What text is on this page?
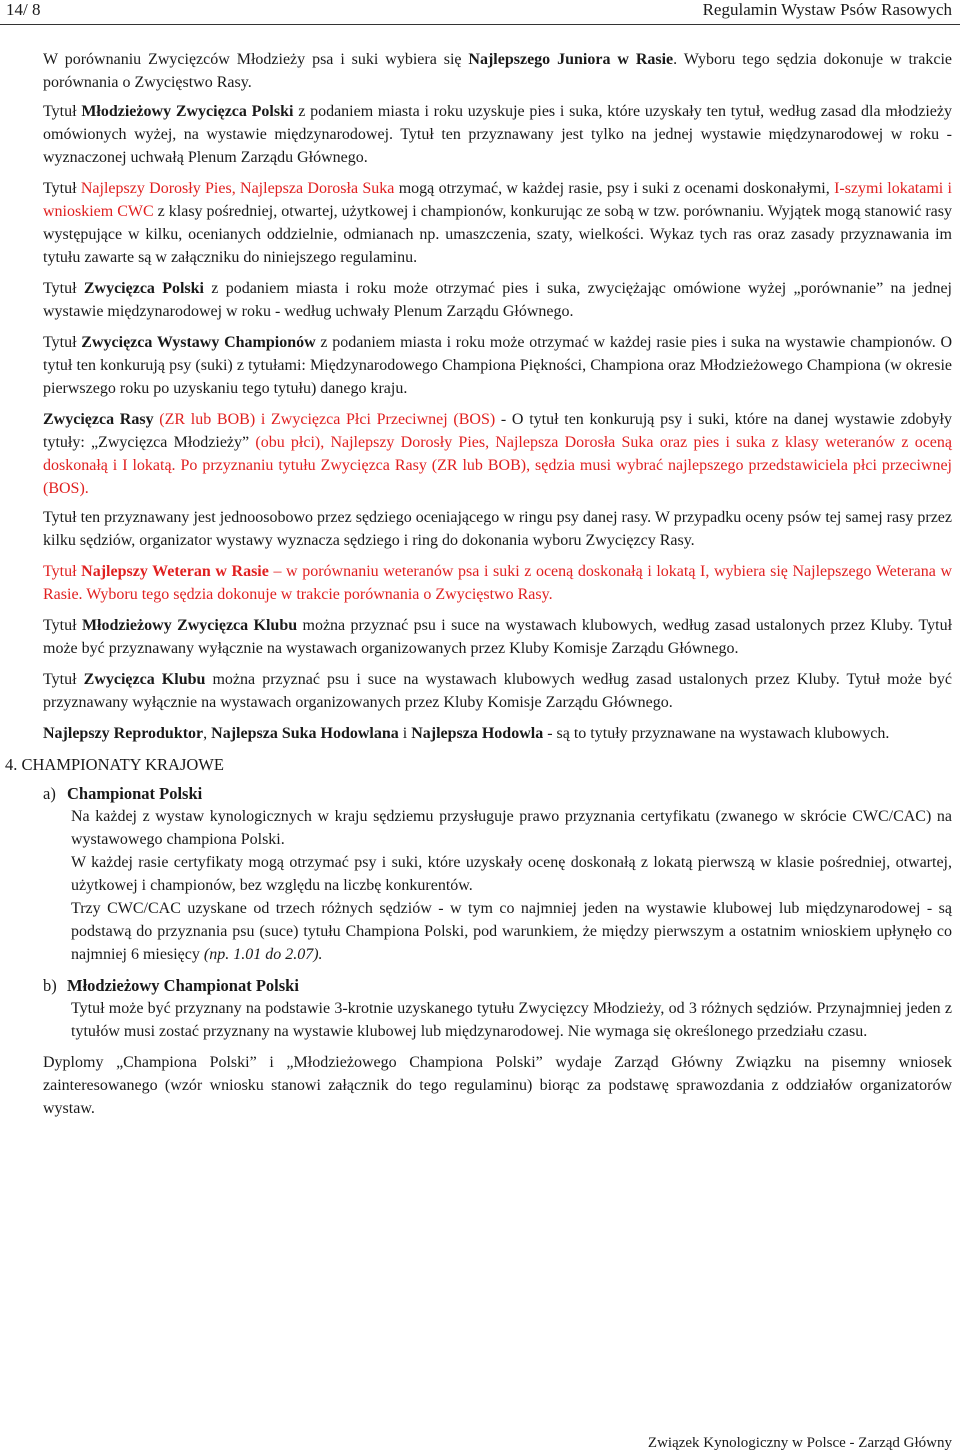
14/ 8	Regulamin Wystaw Psów Rasowych

W porównaniu Zwycięzców Młodzieży psa i suki wybiera się Najlepszego Juniora w Rasie. Wyboru tego sędzia dokonuje w trakcie porównania o Zwycięstwo Rasy.

Tytuł Młodzieżowy Zwycięzca Polski z podaniem miasta i roku uzyskuje pies i suka, które uzyskały ten tytuł, według zasad dla młodzieży omówionych wyżej, na wystawie międzynarodowej. Tytuł ten przyznawany jest tylko na jednej wystawie międzynarodowej w roku - wyznaczonej uchwałą Plenum Zarządu Głównego.

Tytuł Najlepszy Dorosły Pies, Najlepsza Dorosła Suka mogą otrzymać, w każdej rasie, psy i suki z ocenami doskonałymi, I-szymi lokatami i wnioskiem CWC z klasy pośredniej, otwartej, użytkowej i championów, konkurując ze sobą w tzw. porównaniu. Wyjątek mogą stanowić rasy występujące w kilku, ocenianych oddzielnie, odmianach np. umaszczenia, szaty, wielkości. Wykaz tych ras oraz zasady przyznawania im tytułu zawarte są w załączniku do niniejszego regulaminu.

Tytuł Zwycięzca Polski z podaniem miasta i roku może otrzymać pies i suka, zwyciężając omówione wyżej „porównanie” na jednej wystawie międzynarodowej w roku - według uchwały Plenum Zarządu Głównego.

Tytuł Zwycięzca Wystawy Championów z podaniem miasta i roku może otrzymać w każdej rasie pies i suka na wystawie championów. O tytuł ten konkurują psy (suki) z tytułami: Międzynarodowego Championa Piękności, Championa oraz Młodzieżowego Championa (w okresie pierwszego roku po uzyskaniu tego tytułu) danego kraju.

Zwycięzca Rasy (ZR lub BOB) i Zwycięzca Płci Przeciwnej (BOS) - O tytuł ten konkurują psy i suki, które na danej wystawie zdobyły tytuły: „Zwycięzca Młodzieży” (obu płci), Najlepszy Dorosły Pies, Najlepsza Dorosła Suka oraz pies i suka z klasy weteranów z oceną doskonałą i I lokatą. Po przyznaniu tytułu Zwycięzca Rasy (ZR lub BOB), sędzia musi wybrać najlepszego przedstawiciela płci przeciwnej (BOS).

Tytuł ten przyznawany jest jednoosobowo przez sędziego oceniającego w ringu psy danej rasy. W przypadku oceny psów tej samej rasy przez kilku sędziów, organizator wystawy wyznacza sędziego i ring do dokonania wyboru Zwycięzcy Rasy.

Tytuł Najlepszy Weteran w Rasie – w porównaniu weteranów psa i suki z oceną doskonałą i lokatą I, wybiera się Najlepszego Weterana w Rasie. Wyboru tego sędzia dokonuje w trakcie porównania o Zwycięstwo Rasy.

Tytuł Młodzieżowy Zwycięzca Klubu można przyznać psu i suce na wystawach klubowych, według zasad ustalonych przez Kluby. Tytuł może być przyznawany wyłącznie na wystawach organizowanych przez Kluby Komisje Zarządu Głównego.

Tytuł Zwycięzca Klubu można przyznać psu i suce na wystawach klubowych według zasad ustalonych przez Kluby. Tytuł może być przyznawany wyłącznie na wystawach organizowanych przez Kluby Komisje Zarządu Głównego.

Najlepszy Reproduktor, Najlepsza Suka Hodowlana i Najlepsza Hodowla - są to tytuły przyznawane na wystawach klubowych.

4. CHAMPIONATY KRAJOWE
a) Championat Polski

Na każdej z wystaw kynologicznych w kraju sędziemu przysługuje prawo przyznania certyfikatu (zwanego w skrócie CWC/CAC) na wystawowego championa Polski.

W każdej rasie certyfikaty mogą otrzymać psy i suki, które uzyskały ocenę doskonałą z lokatą pierwszą w klasie pośredniej, otwartej, użytkowej i championów, bez względu na liczbę konkurentów.

Trzy CWC/CAC uzyskane od trzech różnych sędziów - w tym co najmniej jeden na wystawie klubowej lub międzynarodowej - są podstawą do przyznania psu (suce) tytułu Championa Polski, pod warunkiem, że między pierwszym a ostatnim wnioskiem upłynęło co najmniej 6 miesięcy (np. 1.01 do 2.07).

b) Młodzieżowy Championat Polski

Tytuł może być przyznany na podstawie 3-krotnie uzyskanego tytułu Zwycięzcy Młodzieży, od 3 różnych sędziów. Przynajmniej jeden z tytułów musi zostać przyznany na wystawie klubowej lub międzynarodowej. Nie wymaga się określonego przedziału czasu.

Dyplomy „Championa Polski” i „Młodzieżowego Championa Polski” wydaje Zarząd Główny Związku na pisemny wniosek zainteresowanego (wzór wniosku stanowi załącznik do tego regulaminu) biorąc za podstawę sprawozdania z oddziałów organizatorów wystaw.

Związek Kynologiczny w Polsce - Zarząd Główny
